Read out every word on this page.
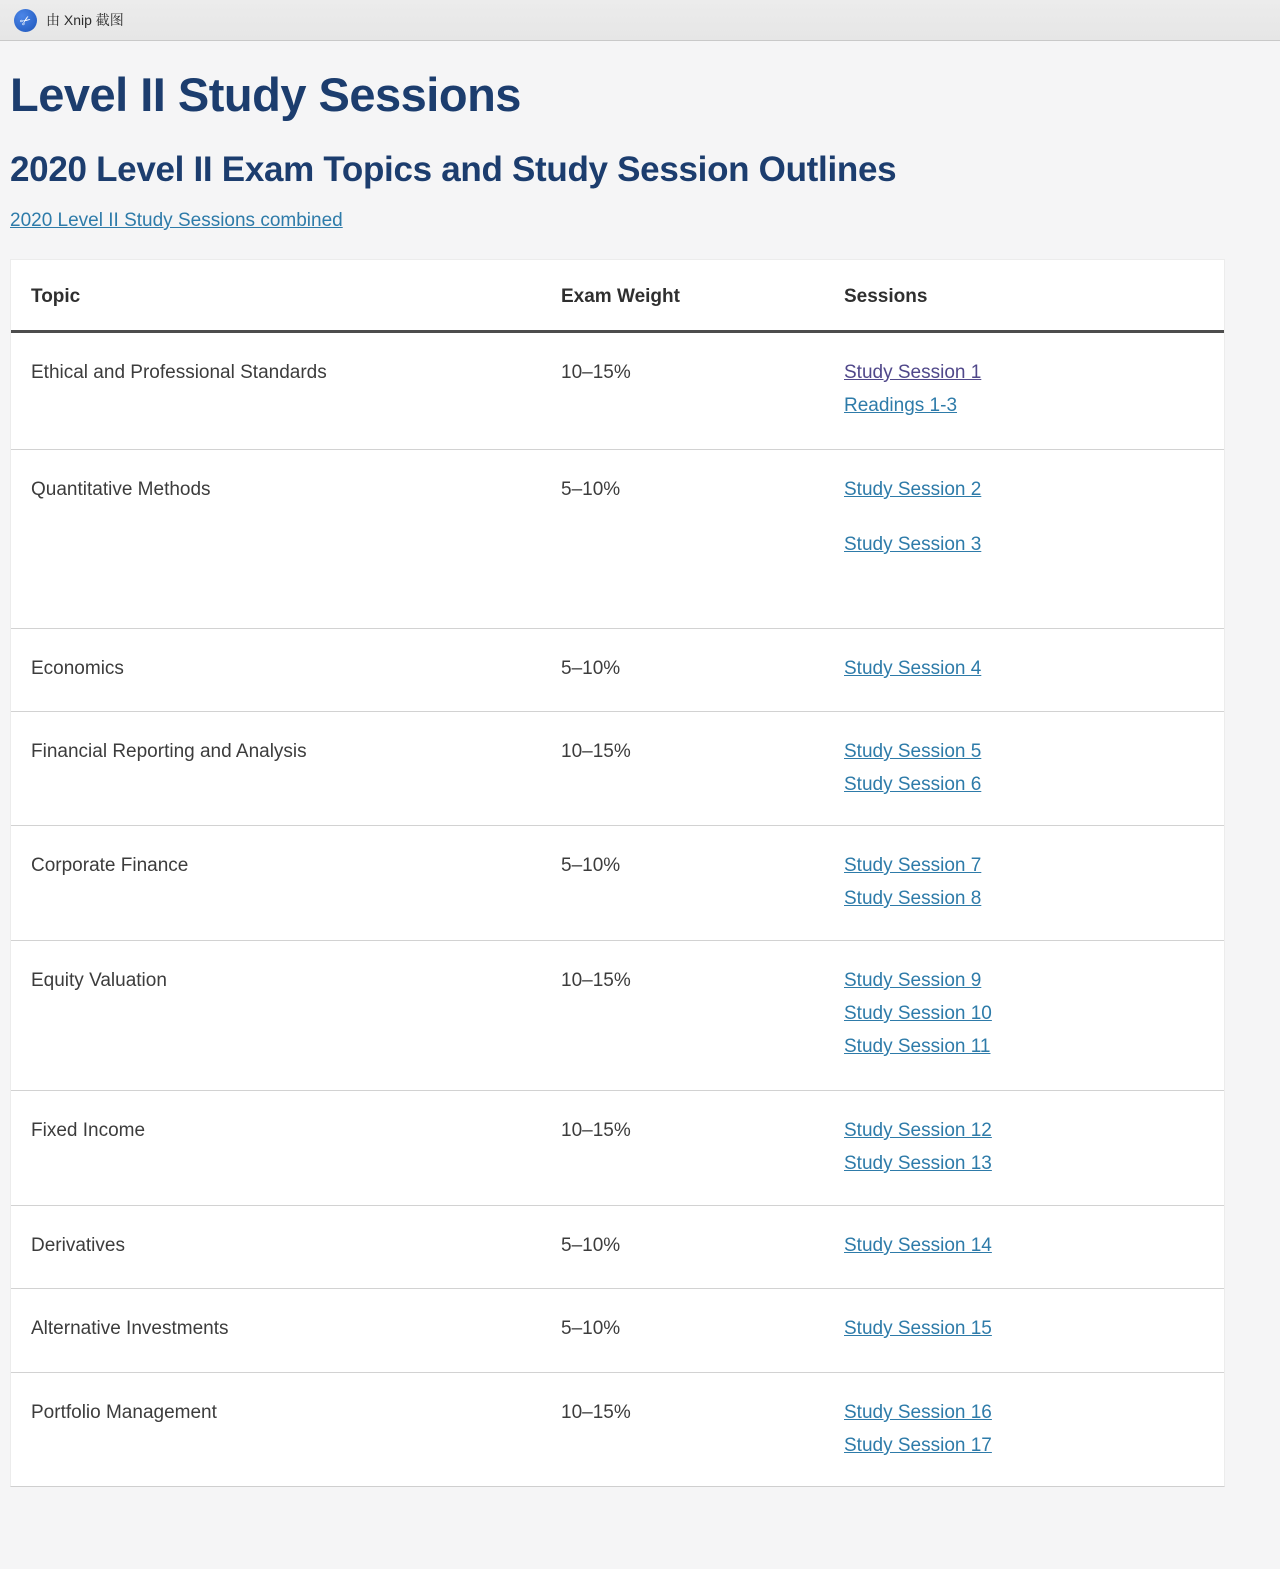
✂ 由 Xnip 截图
Level II Study Sessions
2020 Level II Exam Topics and Study Session Outlines
2020 Level II Study Sessions combined
Topic	Exam Weight	Sessions
Ethical and Professional Standards	10–15%	Study Session 1
Readings 1-3
Quantitative Methods	5–10%	Study Session 2
Study Session 3
Economics	5–10%	Study Session 4
Financial Reporting and Analysis	10–15%	Study Session 5
Study Session 6
Corporate Finance	5–10%	Study Session 7
Study Session 8
Equity Valuation	10–15%	Study Session 9
Study Session 10
Study Session 11
Fixed Income	10–15%	Study Session 12
Study Session 13
Derivatives	5–10%	Study Session 14
Alternative Investments	5–10%	Study Session 15
Portfolio Management	10–15%	Study Session 16
Study Session 17
